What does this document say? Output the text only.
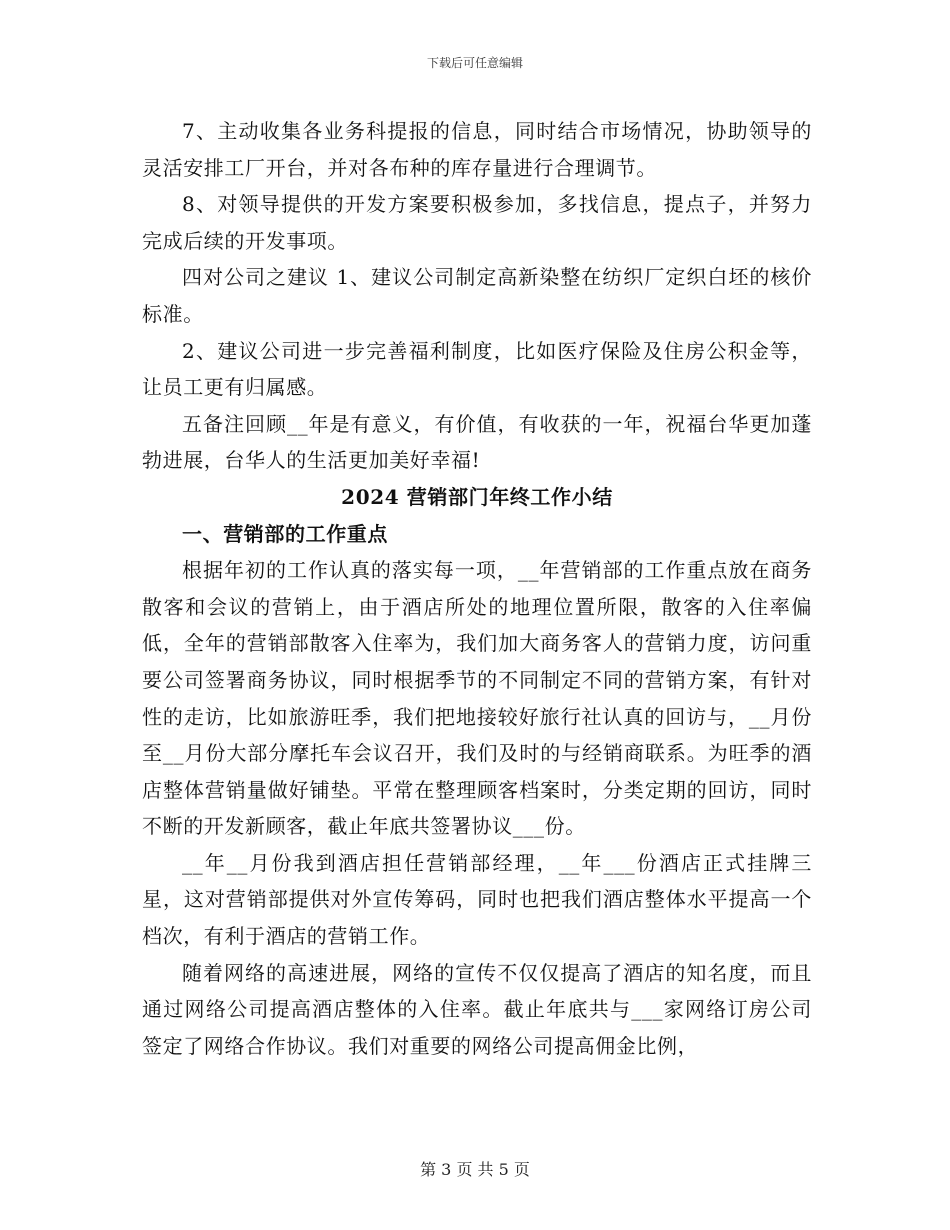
下载后可任意编辑

7、主动收集各业务科提报的信息，同时结合市场情况，协助领导的灵活安排工厂开台，并对各布种的库存量进行合理调节。

8、对领导提供的开发方案要积极参加，多找信息，提点子，并努力完成后续的开发事项。

四对公司之建议 1、建议公司制定高新染整在纺织厂定织白坯的核价标准。

2、建议公司进一步完善福利制度，比如医疗保险及住房公积金等，让员工更有归属感。

五备注回顾__年是有意义，有价值，有收获的一年，祝福台华更加蓬勃进展，台华人的生活更加美好幸福!

2024 营销部门年终工作小结

一、营销部的工作重点

根据年初的工作认真的落实每一项，__年营销部的工作重点放在商务散客和会议的营销上，由于酒店所处的地理位置所限，散客的入住率偏低，全年的营销部散客入住率为，我们加大商务客人的营销力度，访问重要公司签署商务协议，同时根据季节的不同制定不同的营销方案，有针对性的走访，比如旅游旺季，我们把地接较好旅行社认真的回访与，__月份至__月份大部分摩托车会议召开，我们及时的与经销商联系。为旺季的酒店整体营销量做好铺垫。平常在整理顾客档案时，分类定期的回访，同时不断的开发新顾客，截止年底共签署协议___份。

__年__月份我到酒店担任营销部经理，__年___份酒店正式挂牌三星，这对营销部提供对外宣传筹码，同时也把我们酒店整体水平提高一个档次，有利于酒店的营销工作。

随着网络的高速进展，网络的宣传不仅仅提高了酒店的知名度，而且通过网络公司提高酒店整体的入住率。截止年底共与___家网络订房公司签定了网络合作协议。我们对重要的网络公司提高佣金比例，

第 3 页 共 5 页
